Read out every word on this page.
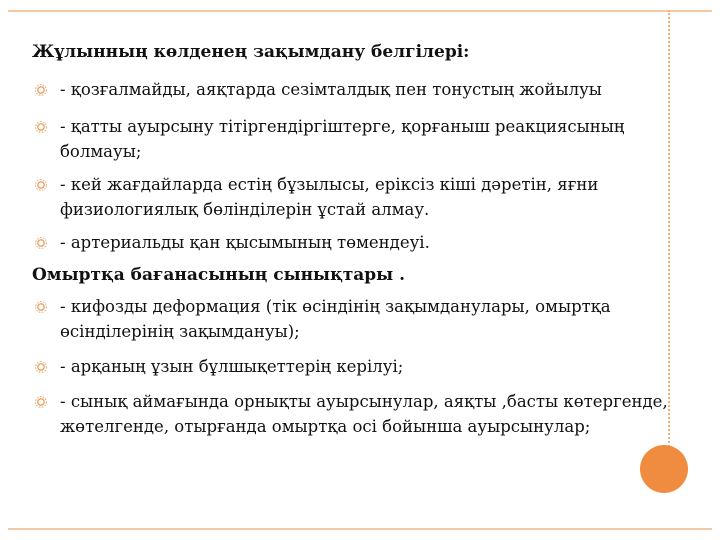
Жұлынның көлденең зақымдану белгілері:

- қозғалмайды, аяқтарда сезімталдық пен тонустың жойылуы

- қатты ауырсыну тітіргендіргіштерге, қорғаныш реакциясының болмауы;

- кей жағдайларда естің бұзылысы, еріксіз кіші дәретін, яғни физиологиялық бөлінділерін ұстай алмау.

- артериальды қан қысымының төмендеуі.

Омыртқа бағанасының сынықтары .

- кифозды деформация (тік өсіндінің зақымданулары, омыртқа өсінділерінің зақымдануы);

- арқаның ұзын бұлшықеттерің керілуі;

- сынық аймағында орнықты ауырсынулар, аяқты ,басты көтергенде, жөтелгенде, отырғанда омыртқа осі бойынша ауырсынулар;
